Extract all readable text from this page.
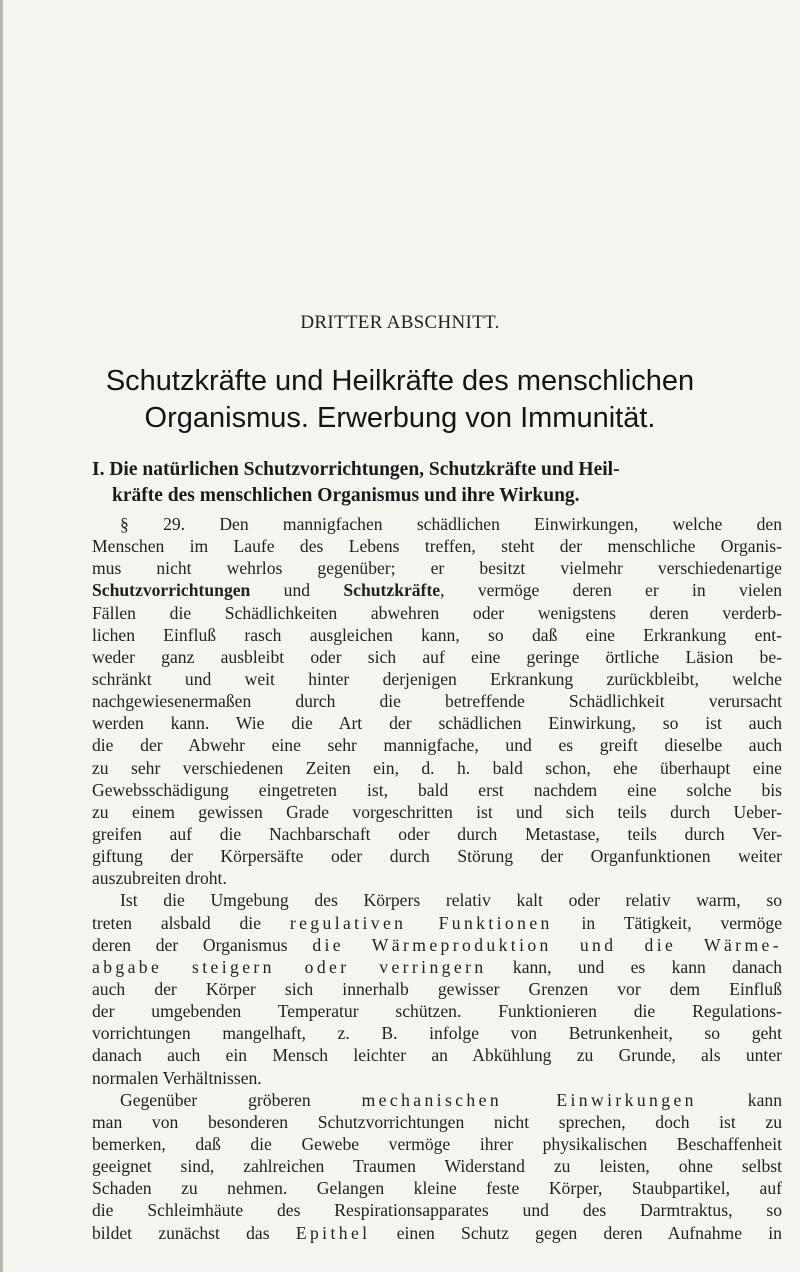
DRITTER ABSCHNITT.
Schutzkräfte und Heilkräfte des menschlichen
Organismus. Erwerbung von Immunität.
I. Die natürlichen Schutzvorrichtungen, Schutzkräfte und Heil-
kräfte des menschlichen Organismus und ihre Wirkung.
§ 29. Den mannigfachen schädlichen Einwirkungen, welche den
Menschen im Laufe des Lebens treffen, steht der menschliche Organis-
mus nicht wehrlos gegenüber; er besitzt vielmehr verschiedenartige
Schutzvorrichtungen und Schutzkräfte, vermöge deren er in vielen
Fällen die Schädlichkeiten abwehren oder wenigstens deren verderb-
lichen Einfluß rasch ausgleichen kann, so daß eine Erkrankung ent-
weder ganz ausbleibt oder sich auf eine geringe örtliche Läsion be-
schränkt und weit hinter derjenigen Erkrankung zurückbleibt, welche
nachgewiesenermaßen durch die betreffende Schädlichkeit verursacht
werden kann. Wie die Art der schädlichen Einwirkung, so ist auch
die der Abwehr eine sehr mannigfache, und es greift dieselbe auch
zu sehr verschiedenen Zeiten ein, d. h. bald schon, ehe überhaupt eine
Gewebsschädigung eingetreten ist, bald erst nachdem eine solche bis
zu einem gewissen Grade vorgeschritten ist und sich teils durch Ueber-
greifen auf die Nachbarschaft oder durch Metastase, teils durch Ver-
giftung der Körpersäfte oder durch Störung der Organfunktionen weiter
auszubreiten droht.
Ist die Umgebung des Körpers relativ kalt oder relativ warm, so
treten alsbald die regulativen Funktionen in Tätigkeit, vermöge
deren der Organismus die Wärmeproduktion und die Wärme-
abgabe steigern oder verringern kann, und es kann danach
auch der Körper sich innerhalb gewisser Grenzen vor dem Einfluß
der umgebenden Temperatur schützen. Funktionieren die Regulations-
vorrichtungen mangelhaft, z. B. infolge von Betrunkenheit, so geht
danach auch ein Mensch leichter an Abkühlung zu Grunde, als unter
normalen Verhältnissen.
Gegenüber gröberen mechanischen Einwirkungen kann
man von besonderen Schutzvorrichtungen nicht sprechen, doch ist zu
bemerken, daß die Gewebe vermöge ihrer physikalischen Beschaffenheit
geeignet sind, zahlreichen Traumen Widerstand zu leisten, ohne selbst
Schaden zu nehmen. Gelangen kleine feste Körper, Staubpartikel, auf
die Schleimhäute des Respirationsapparates und des Darmtraktus, so
bildet zunächst das Epithel einen Schutz gegen deren Aufnahme in
